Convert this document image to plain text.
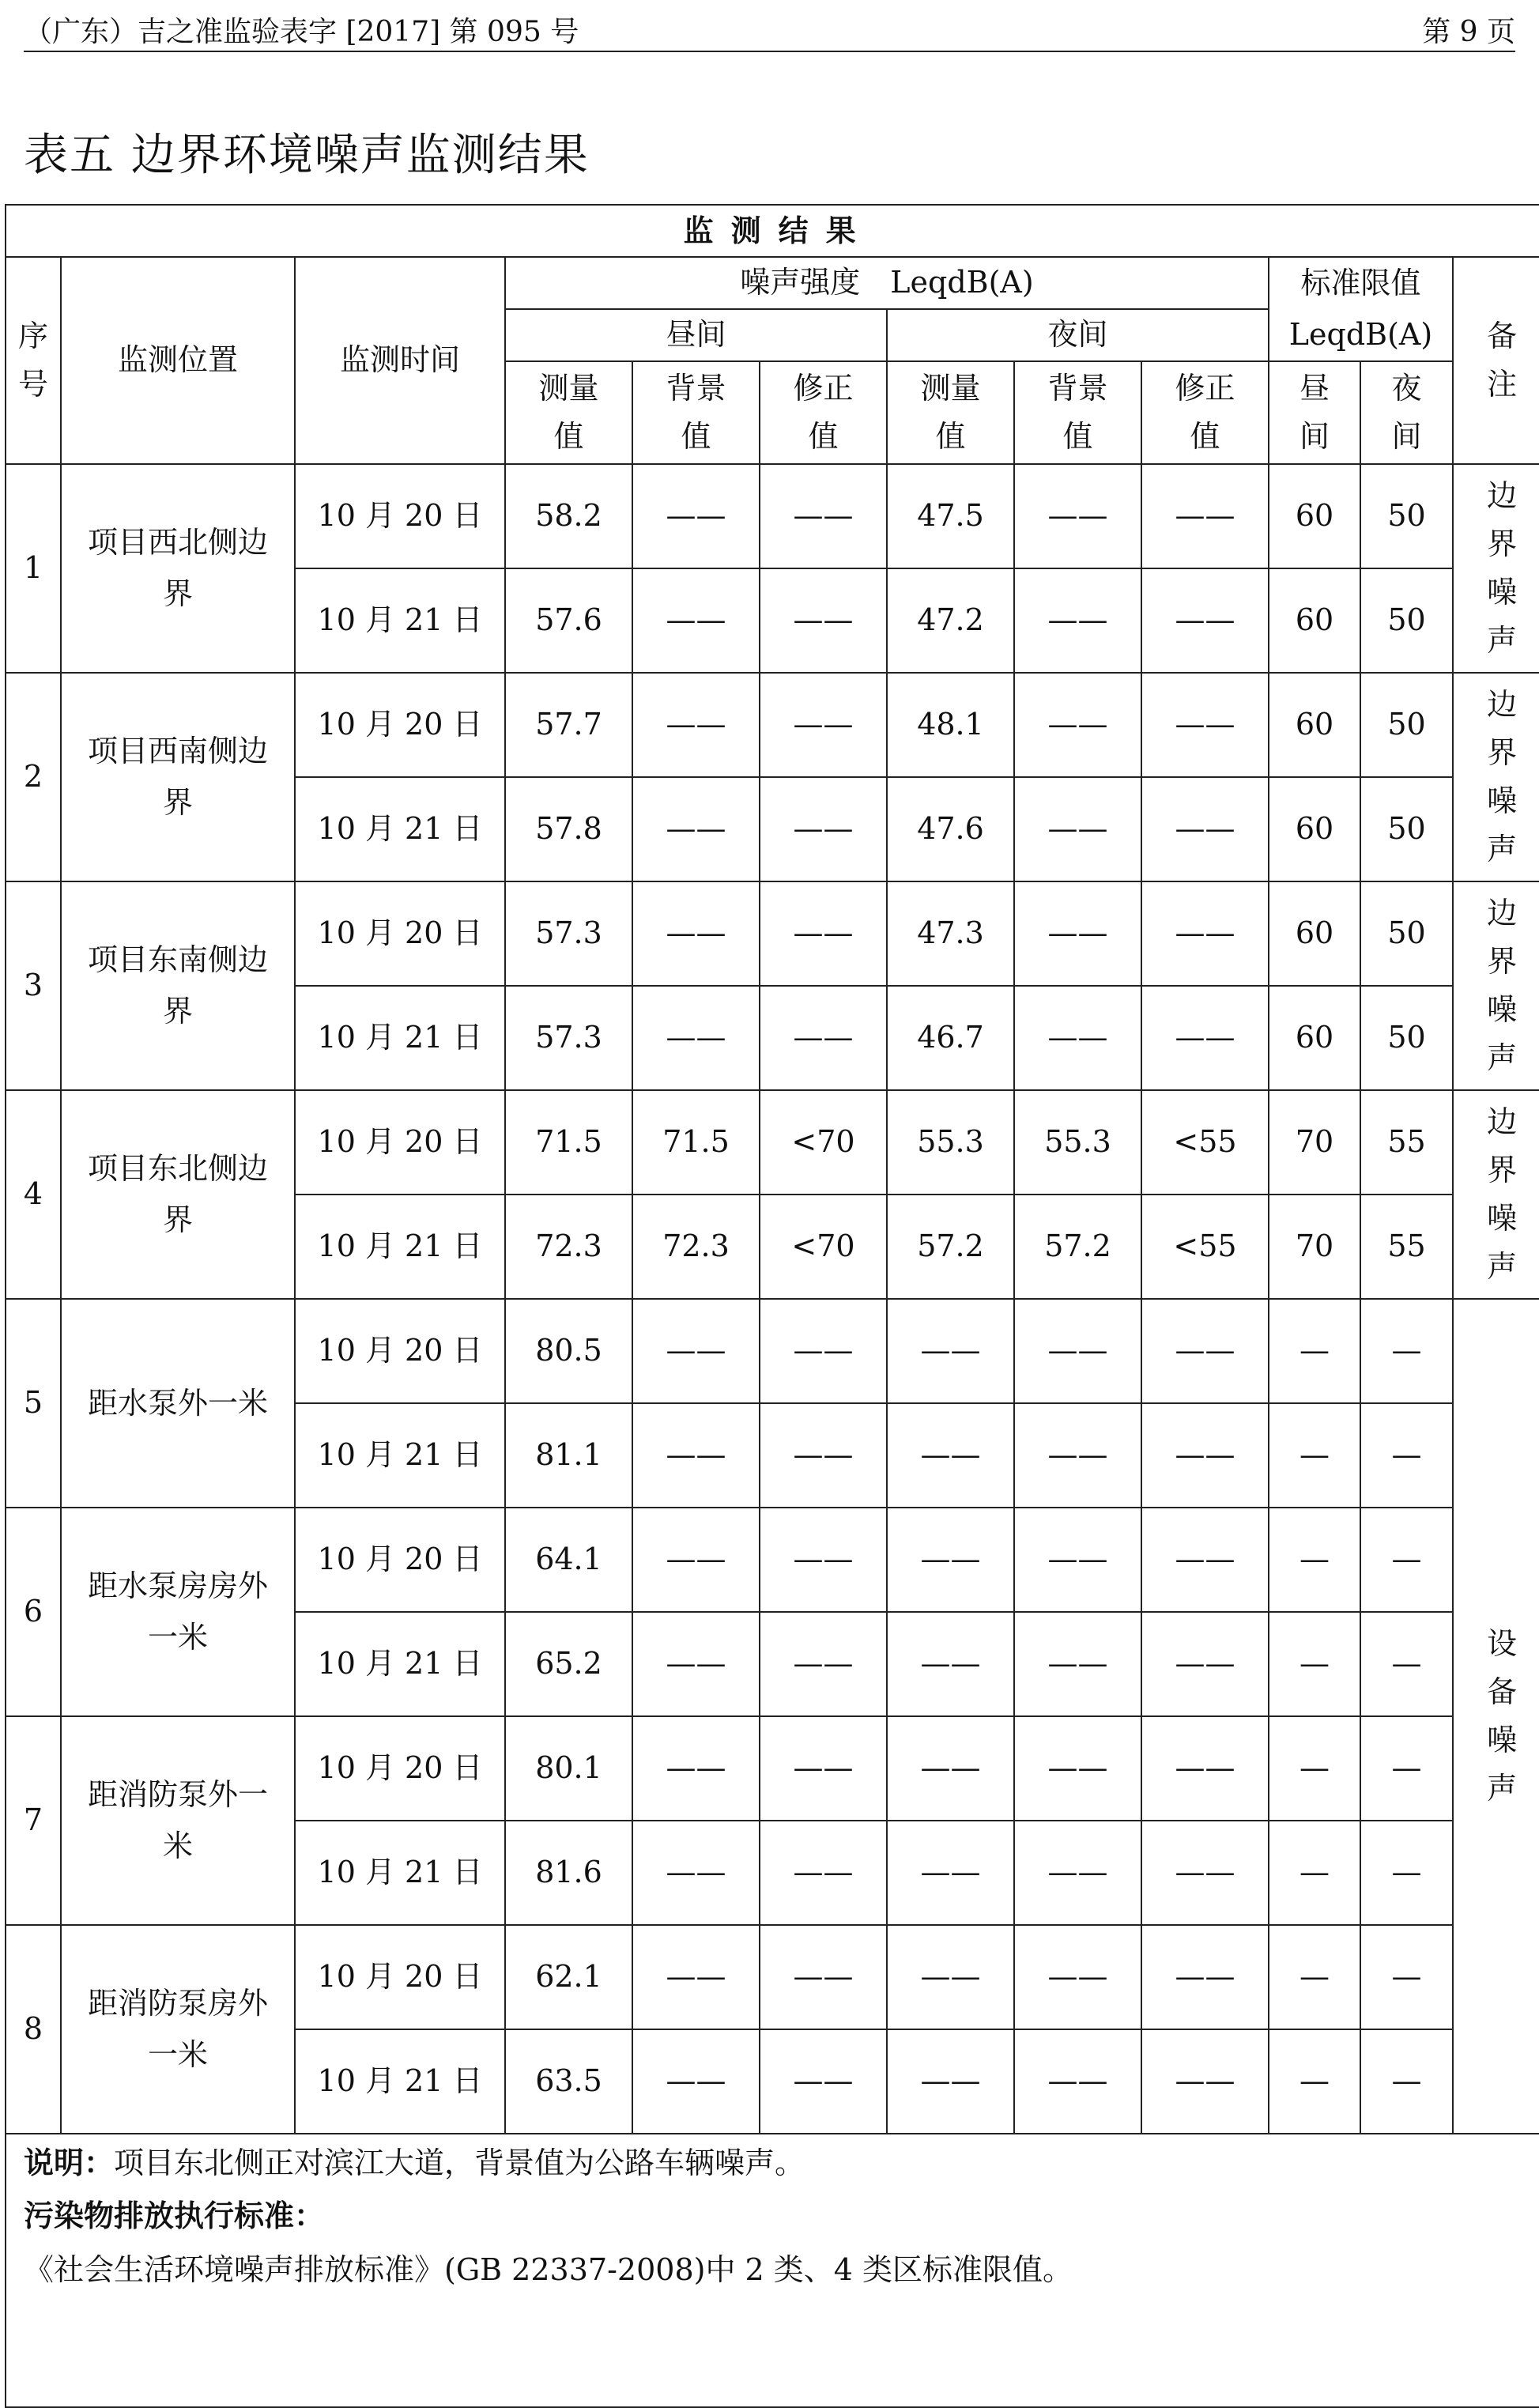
（广东）吉之准监验表字 [2017] 第 095 号	第 9 页
表五 边界环境噪声监测结果
监测结果											
序号	监测位置	监测时间	噪声强度　LeqdB(A)						标准限值 LeqdB(A)		备注
			昼间			夜间					
			测量值	背景值	修正值	测量值	背景值	修正值	昼间	夜间	
1	项目西北侧边界	10 月 20 日	58.2	——	——	47.5	——	——	60	50	边界噪声
		10 月 21 日	57.6	——	——	47.2	——	——	60	50	
2	项目西南侧边界	10 月 20 日	57.7	——	——	48.1	——	——	60	50	边界噪声
		10 月 21 日	57.8	——	——	47.6	——	——	60	50	
3	项目东南侧边界	10 月 20 日	57.3	——	——	47.3	——	——	60	50	边界噪声
		10 月 21 日	57.3	——	——	46.7	——	——	60	50	
4	项目东北侧边界	10 月 20 日	71.5	71.5	<70	55.3	55.3	<55	70	55	边界噪声
		10 月 21 日	72.3	72.3	<70	57.2	57.2	<55	70	55	
5	距水泵外一米	10 月 20 日	80.5	——	——	——	——	——	—	—	设备噪声
		10 月 21 日	81.1	——	——	——	——	——	—	—	
6	距水泵房房外一米	10 月 20 日	64.1	——	——	——	——	——	—	—	
		10 月 21 日	65.2	——	——	——	——	——	—	—	
7	距消防泵外一米	10 月 20 日	80.1	——	——	——	——	——	—	—	
		10 月 21 日	81.6	——	——	——	——	——	—	—	
8	距消防泵房外一米	10 月 20 日	62.1	——	——	——	——	——	—	—	
		10 月 21 日	63.5	——	——	——	——	——	—	—	

说明：项目东北侧正对滨江大道，背景值为公路车辆噪声。
污染物排放执行标准：
《社会生活环境噪声排放标准》(GB 22337-2008)中 2 类、4 类区标准限值。											
